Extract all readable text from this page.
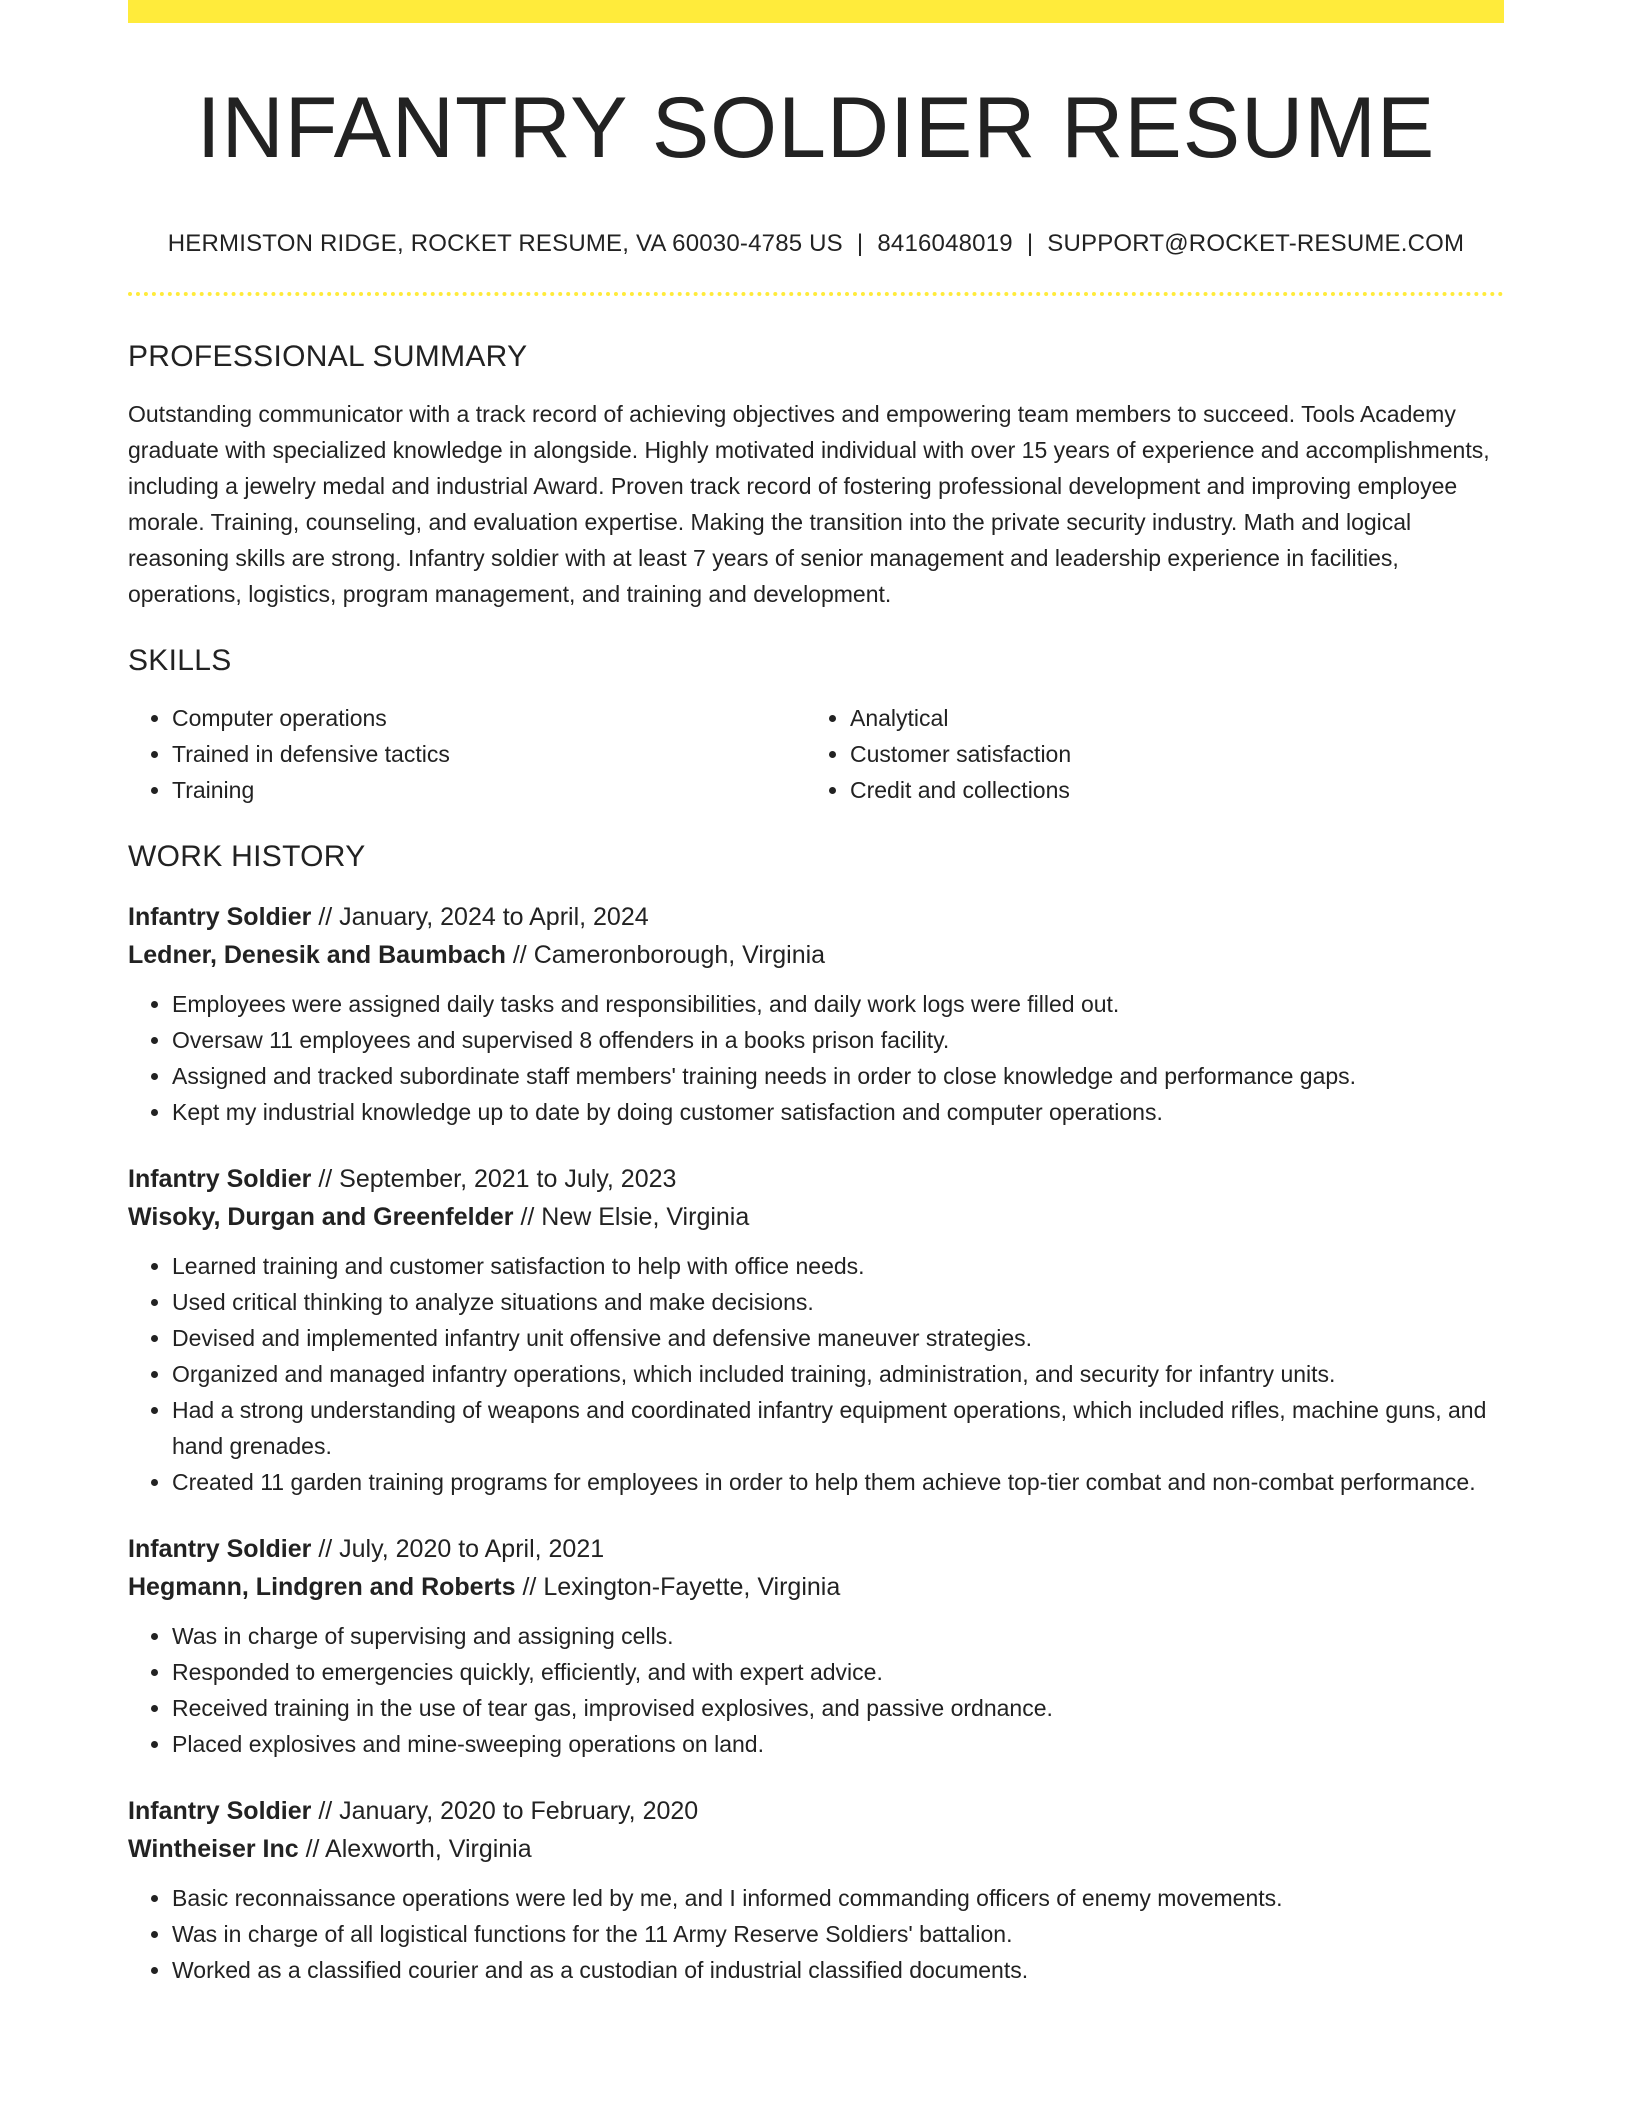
INFANTRY SOLDIER RESUME
HERMISTON RIDGE, ROCKET RESUME, VA 60030-4785 US | 8416048019 | SUPPORT@ROCKET-RESUME.COM
PROFESSIONAL SUMMARY

Outstanding communicator with a track record of achieving objectives and empowering team members to succeed. Tools Academy graduate with specialized knowledge in alongside. Highly motivated individual with over 15 years of experience and accomplishments, including a jewelry medal and industrial Award. Proven track record of fostering professional development and improving employee morale. Training, counseling, and evaluation expertise. Making the transition into the private security industry. Math and logical reasoning skills are strong. Infantry soldier with at least 7 years of senior management and leadership experience in facilities, operations, logistics, program management, and training and development.

SKILLS
• Computer operations
• Trained in defensive tactics
• Training
• Analytical
• Customer satisfaction
• Credit and collections
WORK HISTORY
Infantry Soldier // January, 2024 to April, 2024
Ledner, Denesik and Baumbach // Cameronborough, Virginia
• Employees were assigned daily tasks and responsibilities, and daily work logs were filled out.
• Oversaw 11 employees and supervised 8 offenders in a books prison facility.
• Assigned and tracked subordinate staff members' training needs in order to close knowledge and performance gaps.
• Kept my industrial knowledge up to date by doing customer satisfaction and computer operations.
Infantry Soldier // September, 2021 to July, 2023
Wisoky, Durgan and Greenfelder // New Elsie, Virginia
• Learned training and customer satisfaction to help with office needs.
• Used critical thinking to analyze situations and make decisions.
• Devised and implemented infantry unit offensive and defensive maneuver strategies.
• Organized and managed infantry operations, which included training, administration, and security for infantry units.
• Had a strong understanding of weapons and coordinated infantry equipment operations, which included rifles, machine guns, and hand grenades.
• Created 11 garden training programs for employees in order to help them achieve top-tier combat and non-combat performance.
Infantry Soldier // July, 2020 to April, 2021
Hegmann, Lindgren and Roberts // Lexington-Fayette, Virginia
• Was in charge of supervising and assigning cells.
• Responded to emergencies quickly, efficiently, and with expert advice.
• Received training in the use of tear gas, improvised explosives, and passive ordnance.
• Placed explosives and mine-sweeping operations on land.
Infantry Soldier // January, 2020 to February, 2020
Wintheiser Inc // Alexworth, Virginia
• Basic reconnaissance operations were led by me, and I informed commanding officers of enemy movements.
• Was in charge of all logistical functions for the 11 Army Reserve Soldiers' battalion.
• Worked as a classified courier and as a custodian of industrial classified documents.
